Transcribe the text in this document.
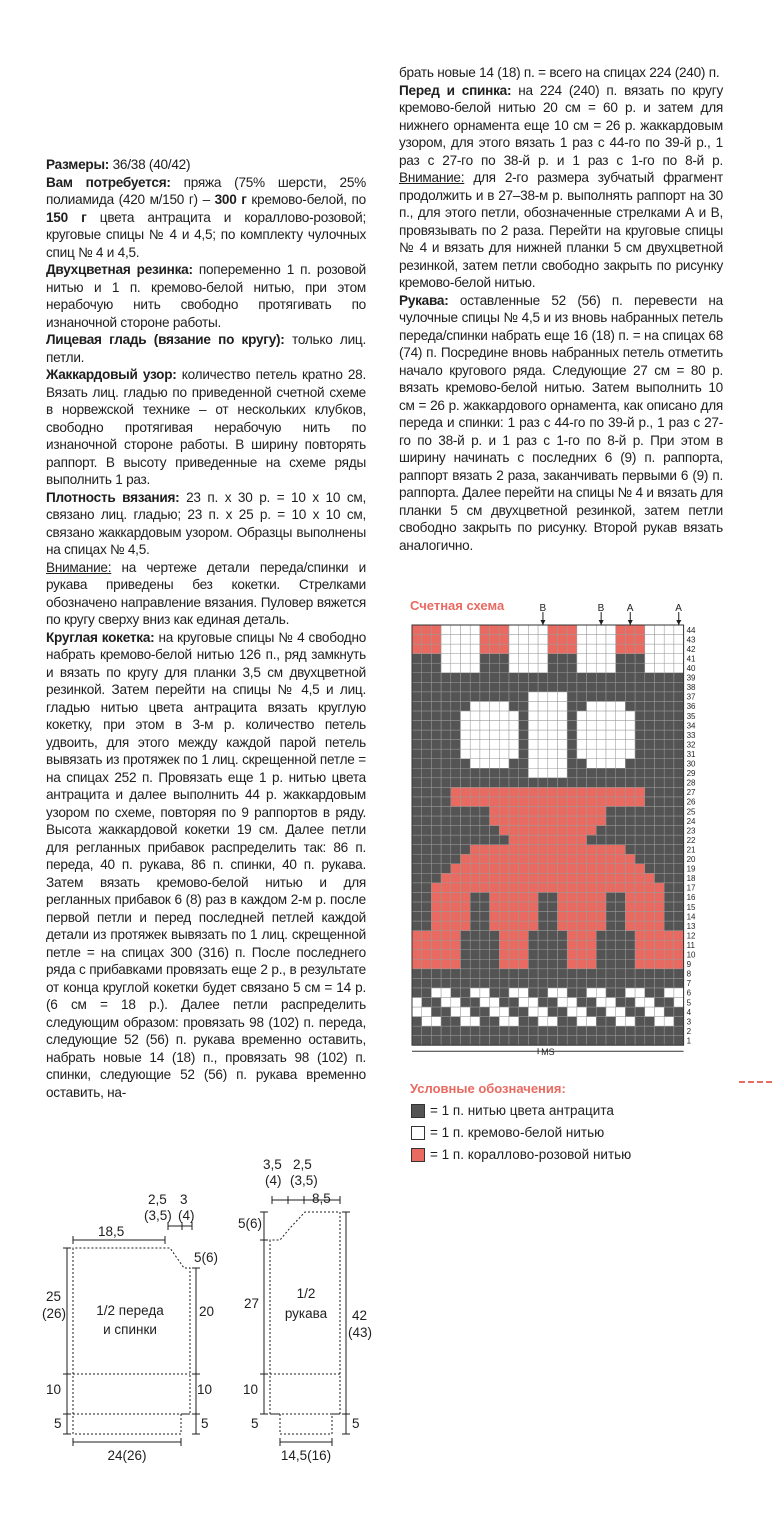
Размеры: 36/38 (40/42)

Вам потребуется: пряжа (75% шерсти, 25% полиамида (420 м/150 г) – 300 г кремово-белой, по 150 г цвета антрацита и кораллово-розовой; круговые спицы № 4 и 4,5; по комплекту чулочных спиц № 4 и 4,5.

Двухцветная резинка: попеременно 1 п. розовой нитью и 1 п. кремово-белой нитью, при этом нерабочую нить свободно протягивать по изнаночной стороне работы.

Лицевая гладь (вязание по кругу): только лиц. петли.

Жаккардовый узор: количество петель кратно 28. Вязать лиц. гладью по приведенной счетной схеме в норвежской технике – от нескольких клубков, свободно протягивая нерабочую нить по изнаночной стороне работы. В ширину повторять раппорт. В высоту приведенные на схеме ряды выполнить 1 раз.

Плотность вязания: 23 п. х 30 р. = 10 х 10 см, связано лиц. гладью; 23 п. х 25 р. = 10 х 10 см, связано жаккардовым узором. Образцы выполнены на спицах № 4,5.

Внимание: на чертеже детали переда/спинки и рукава приведены без кокетки. Стрелками обозначено направление вязания. Пуловер вяжется по кругу сверху вниз как единая деталь.

Круглая кокетка: на круговые спицы № 4 свободно набрать кремово-белой нитью 126 п., ряд замкнуть и вязать по кругу для планки 3,5 см двухцветной резинкой. Затем перейти на спицы № 4,5 и лиц. гладью нитью цвета антрацита вязать круглую кокетку, при этом в 3-м р. количество петель удвоить, для этого между каждой парой петель вывязать из протяжек по 1 лиц. скрещенной петле = на спицах 252 п. Провязать еще 1 р. нитью цвета антрацита и далее выполнить 44 р. жаккардовым узором по схеме, повторяя по 9 раппортов в ряду. Высота жаккардовой кокетки 19 см. Далее петли для регланных прибавок распределить так: 86 п. переда, 40 п. рукава, 86 п. спинки, 40 п. рукава. Затем вязать кремово-белой нитью и для регланных прибавок 6 (8) раз в каждом 2-м р. после первой петли и перед последней петлей каждой детали из протяжек вывязать по 1 лиц. скрещенной петле = на спицах 300 (316) п. После последнего ряда с прибавками провязать еще 2 р., в результате от конца круглой кокетки будет связано 5 см = 14 р. (6 см = 18 р.). Далее петли распределить следующим образом: провязать 98 (102) п. переда, следующие 52 (56) п. рукава временно оставить, набрать новые 14 (18) п., провязать 98 (102) п. спинки, следующие 52 (56) п. рукава временно оставить, на-

брать новые 14 (18) п. = всего на спицах 224 (240) п.

Перед и спинка: на 224 (240) п. вязать по кругу кремово-белой нитью 20 см = 60 р. и затем для нижнего орнамента еще 10 см = 26 р. жаккардовым узором, для этого вязать 1 раз с 44-го по 39-й р., 1 раз с 27-го по 38-й р. и 1 раз с 1-го по 8-й р. Внимание: для 2-го размера зубчатый фрагмент продолжить и в 27–38-м р. выполнять раппорт на 30 п., для этого петли, обозначенные стрелками А и В, провязывать по 2 раза. Перейти на круговые спицы № 4 и вязать для нижней планки 5 см двухцветной резинкой, затем петли свободно закрыть по рисунку кремово-белой нитью.

Рукава: оставленные 52 (56) п. перевести на чулочные спицы № 4,5 и из вновь набранных петель переда/спинки набрать еще 16 (18) п. = на спицах 68 (74) п. Посредине вновь набранных петель отметить начало кругового ряда. Следующие 27 см = 80 р. вязать кремово-белой нитью. Затем выполнить 10 см = 26 р. жаккардового орнамента, как описано для переда и спинки: 1 раз с 44-го по 39-й р., 1 раз с 27-го по 38-й р. и 1 раз с 1-го по 8-й р. При этом в ширину начинать с последних 6 (9) п. раппорта, раппорт вязать 2 раза, заканчивать первыми 6 (9) п. раппорта. Далее перейти на спицы № 4 и вязать для планки 5 см двухцветной резинкой, затем петли свободно закрыть по рисунку. Второй рукав вязать аналогично.

Счетная схема
1
2
3
4
5
6
7
8
9
10
11
12
13
14
15
16
17
18
19
20
21
22
23
24
25
26
27
28
29
30
31
32
33
34
35
36
37
38
39
40
41
42
43
44
B	B A	A
MS
Условные обозначения:
= 1 п. нитью цвета антрацита
= 1 п. кремово-белой нитью
= 1 п. кораллово-розовой нитью
18,5
2,5
(3,5)
3
(4)
5(6)
25
(26) 1/2 переда
и спинки
20
10	10
5	5
24(26)
3,5
(4)
2,5
(3,5)
8,5
5(6)
27
1/2
рукава 42
(43)
10
5	5
14,5(16)
